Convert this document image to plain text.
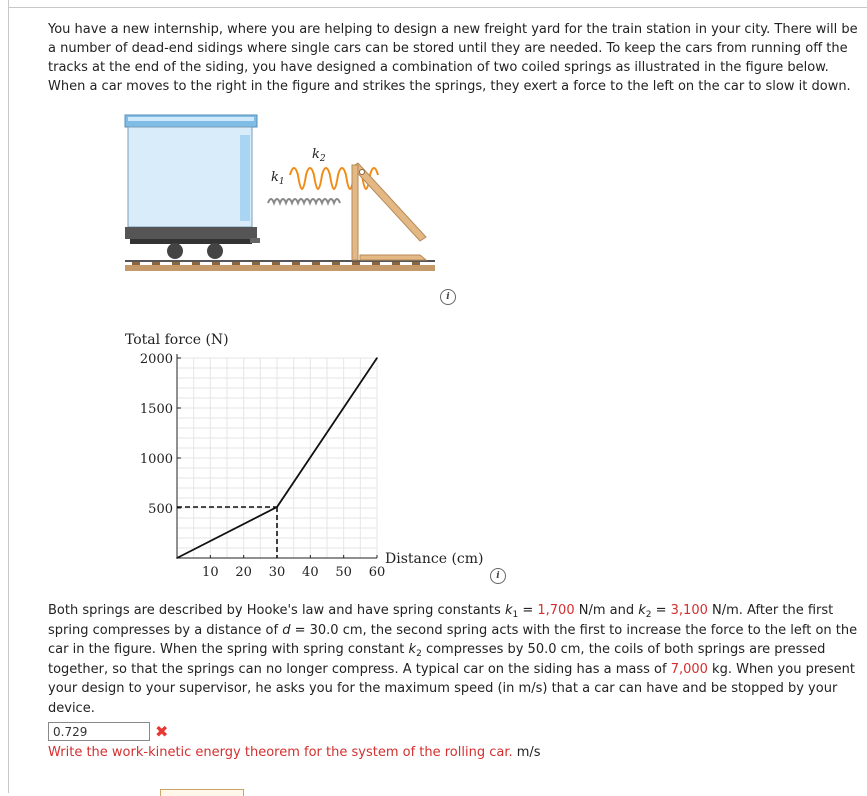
You have a new internship, where you are helping to design a new freight yard for the train station in your city. There will be a number of dead-end sidings where single cars can be stored until they are needed. To keep the cars from running off the tracks at the end of the siding, you have designed a combination of two coiled springs as illustrated in the figure below. When a car moves to the right in the figure and strikes the springs, they exert a force to the left on the car to slow it down.

$k_1$
$k_2$
i
10 20 30 40 50 60
500
1000
1500
2000
Total force (N)
Distance (cm)
i

Both springs are described by Hooke's law and have spring constants $k_1 = 1,700$ N/m and $k_2 = 3,100$ N/m. After the first spring compresses by a distance of d = 30.0 cm, the second spring acts with the first to increase the force to the left on the car in the figure. When the spring with spring constant $k_2$ compresses by 50.0 cm, the coils of both springs are pressed together, so that the springs can no longer compress. A typical car on the siding has a mass of 7,000 kg. When you present your design to your supervisor, he asks you for the maximum speed (in m/s) that a car can have and be stopped by your device.

0.729
✖
Write the work-kinetic energy theorem for the system of the rolling car. m/s
